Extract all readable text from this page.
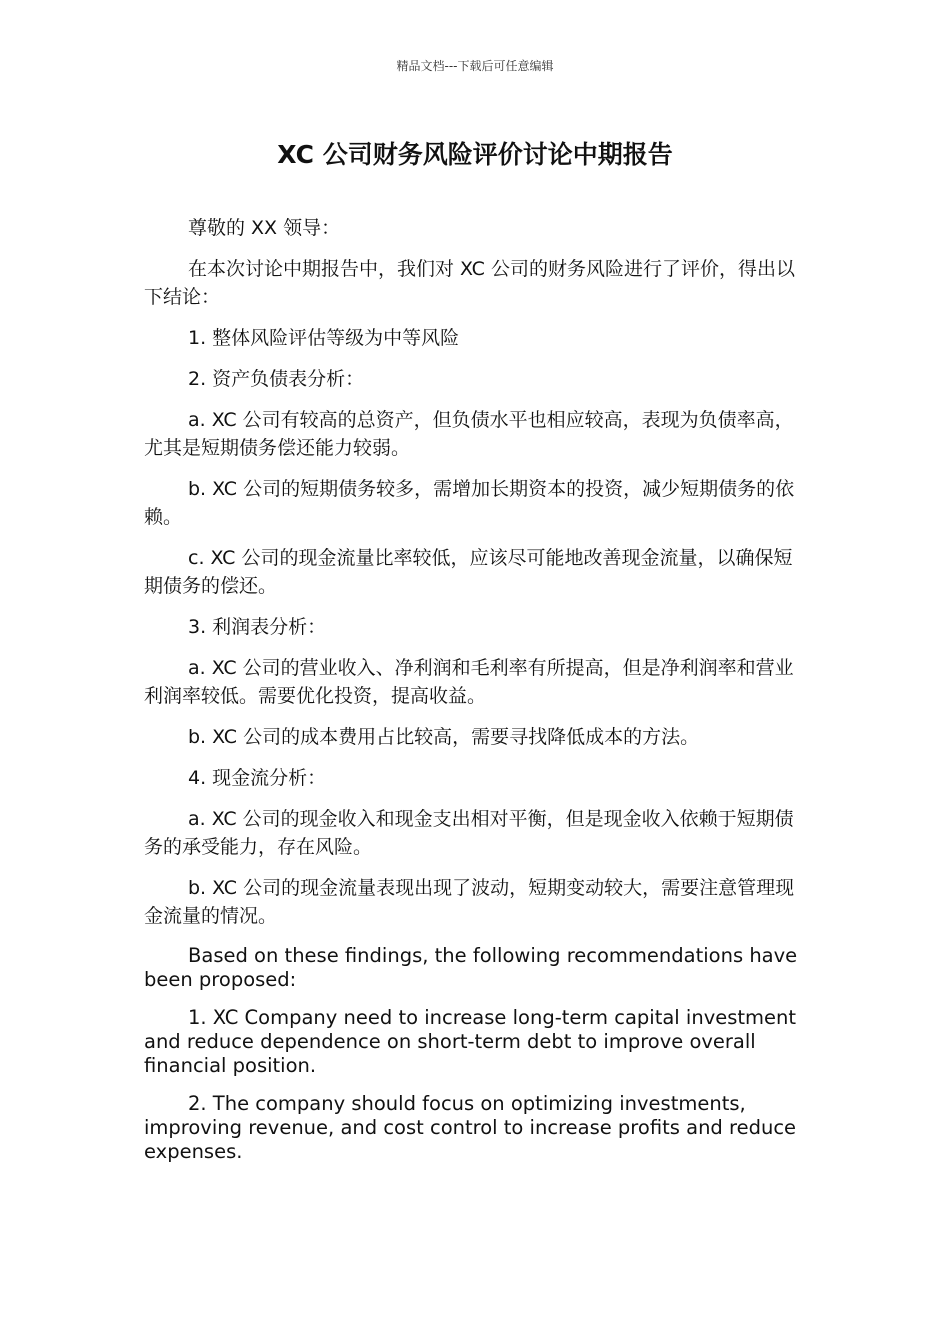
精品文档---下载后可任意编辑
XC 公司财务风险评价讨论中期报告

尊敬的 XX 领导：

在本次讨论中期报告中，我们对 XC 公司的财务风险进行了评价，得出以下结论：

1. 整体风险评估等级为中等风险

2. 资产负债表分析：

a. XC 公司有较高的总资产，但负债水平也相应较高，表现为负债率高，尤其是短期债务偿还能力较弱。

b. XC 公司的短期债务较多，需增加长期资本的投资，减少短期债务的依赖。

c. XC 公司的现金流量比率较低，应该尽可能地改善现金流量，以确保短期债务的偿还。

3. 利润表分析：

a. XC 公司的营业收入、净利润和毛利率有所提高，但是净利润率和营业利润率较低。需要优化投资，提高收益。

b. XC 公司的成本费用占比较高，需要寻找降低成本的方法。

4. 现金流分析：

a. XC 公司的现金收入和现金支出相对平衡，但是现金收入依赖于短期债务的承受能力，存在风险。

b. XC 公司的现金流量表现出现了波动，短期变动较大，需要注意管理现金流量的情况。

Based on these findings, the following recommendations have been proposed:

1. XC Company need to increase long-term capital investment and reduce dependence on short-term debt to improve overall financial position.

2. The company should focus on optimizing investments, improving revenue, and cost control to increase profits and reduce expenses.
